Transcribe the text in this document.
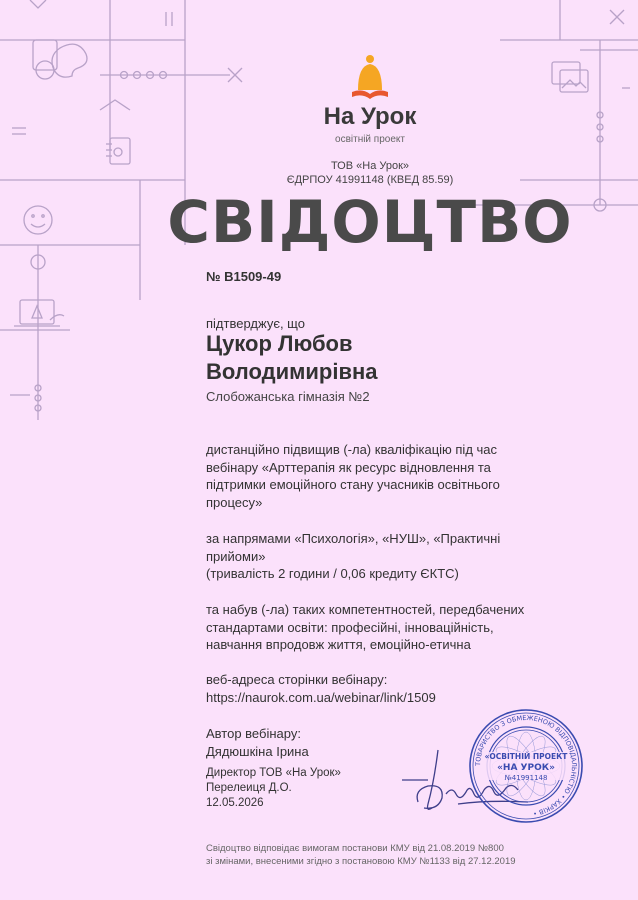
На Урок
освітній проект
ТОВ «На Урок»
ЄДРПОУ 41991148 (КВЕД 85.59)
СВІДОЦТВО
№ В1509-49
підтверджує, що
Цукор Любов
Володимирівна
Слобожанська гімназія №2
дистанційно підвищив (-ла) кваліфікацію під час
вебінару «Арттерапія як ресурс відновлення та
підтримки емоційного стану учасників освітнього
процесу»
за напрямами «Психологія», «НУШ», «Практичні
прийоми»
(тривалість 2 години / 0,06 кредиту ЄКТС)
та набув (-ла) таких компетентностей, передбачених
стандартами освіти: професійні, інноваційність,
навчання впродовж життя, емоційно-етична
веб-адреса сторінки вебінару:
https://naurok.com.ua/webinar/link/1509
Автор вебінару:
Дядюшкіна Ірина
Директор ТОВ «На Урок»
Перелеиця Д.О.
12.05.2026
ТОВАРИСТВО З ОБМЕЖЕНОЮ ВІДПОВІДАЛЬНІСТЮ • ХАРКІВ •
«ОСВІТНІЙ ПРОЕКТ
«НА УРОК»
№41991148
Свідоцтво відповідає вимогам постанови КМУ від 21.08.2019 №800
зі змінами, внесеними згідно з постановою КМУ №1133 від 27.12.2019
